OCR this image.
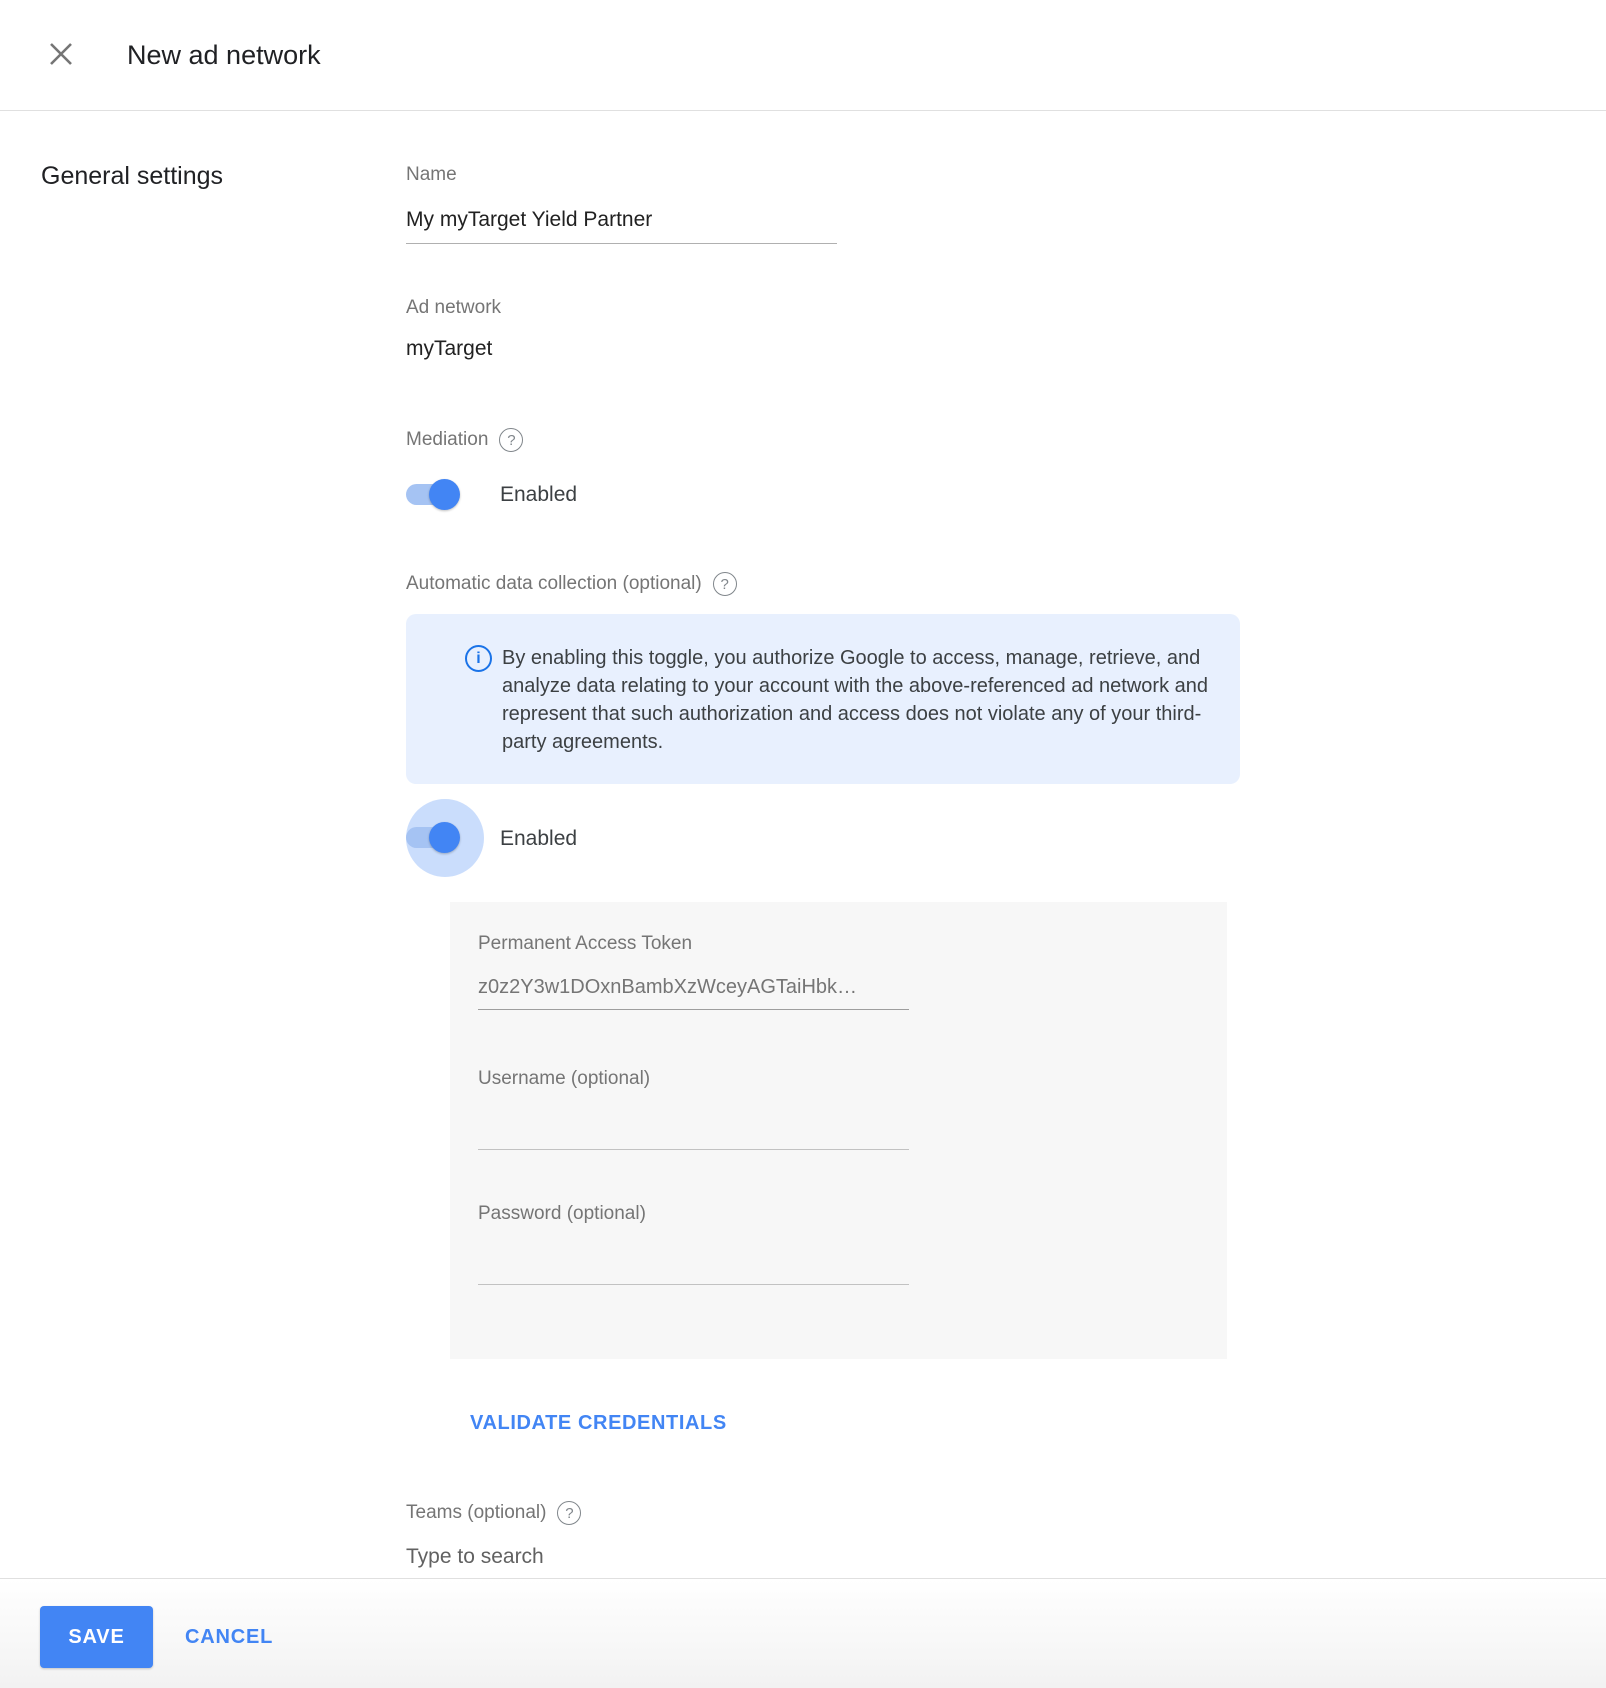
New ad network
General settings	Name
My myTarget Yield Partner
Ad network
myTarget
Mediation	?
Enabled
Automatic data collection (optional)	?
i	By enabling this toggle, you authorize Google to access, manage, retrieve, and analyze data relating to your account with the above-referenced ad network and represent that such authorization and access does not violate any of your third-party agreements.
Enabled
Permanent Access Token
z0z2Y3w1DOxnBambXzWceyAGTaiHbk…
Username (optional)
Password (optional)
VALIDATE CREDENTIALS
Teams (optional)	?
Type to search
SAVE	CANCEL
